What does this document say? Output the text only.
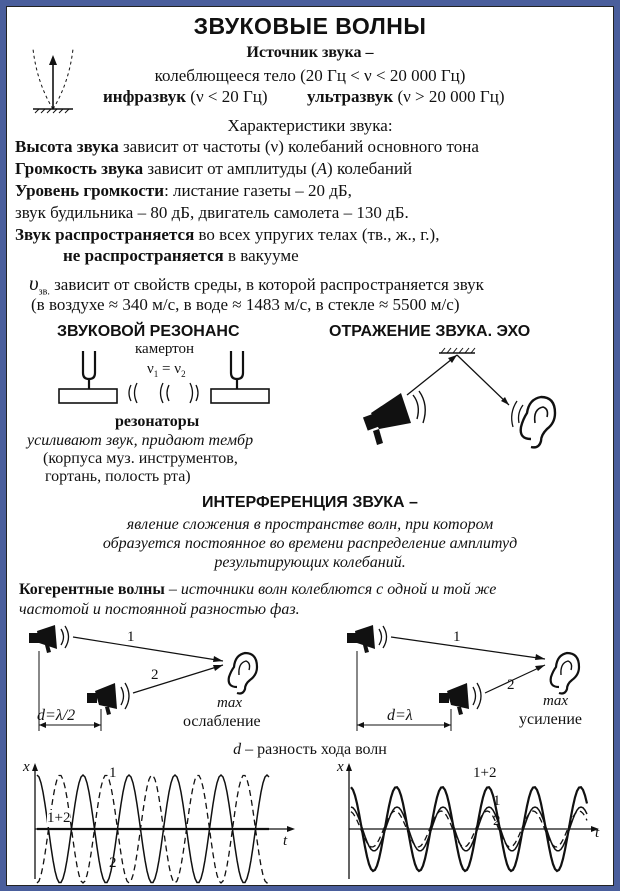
ЗВУКОВЫЕ ВОЛНЫ
Источник звука –
колеблющееся тело (20 Гц < ν < 20 000 Гц)
инфразвук (ν < 20 Гц) ультразвук (ν > 20 000 Гц)
Характеристики звука:
Высота звука зависит от частоты (ν) колебаний основного тона
Громкость звука зависит от амплитуды (A) колебаний
Уровень громкости: листание газеты – 20 дБ,
звук будильника – 80 дБ, двигатель самолета – 130 дБ.
Звук распространяется во всех упругих телах (тв., ж., г.),
не распространяется в вакууме
$\upsilon_{зв.}$ зависит от свойств среды, в которой распространяется звук
(в воздухе ≈ 340 м/с, в воде ≈ 1483 м/с, в стекле ≈ 5500 м/с)
ЗВУКОВОЙ РЕЗОНАНС
камертон
$\nu_1 = \nu_2$
резонаторы
усиливают звук, придают тембр
(корпуса муз. инструментов,
гортань, полость рта)
ОТРАЖЕНИЕ ЗВУКА. ЭХО
ИНТЕРФЕРЕНЦИЯ ЗВУКА –
явление сложения в пространстве волн, при котором
образуется постоянное во времени распределение амплитуд
результирующих колебаний.
Когерентные волны – источники волн колеблются с одной и той же
частотой и постоянной разностью фаз.
1
2
d=λ/2
max
ослабление
1
2
d=λ
max
усиление
d – разность хода волн
x
t
1
2
1+2
x
t
1+2
1
2
